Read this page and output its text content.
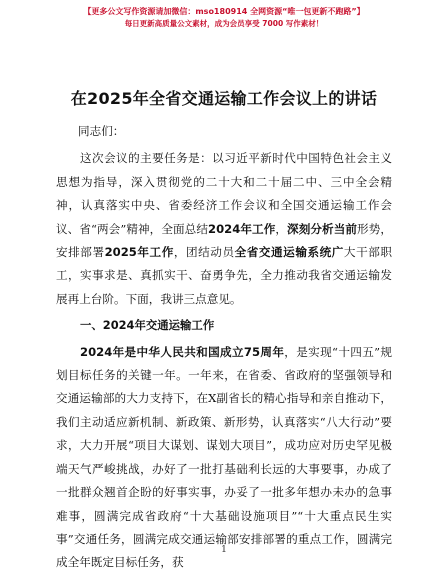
【更多公文写作资源请加微信：mso180914 全网资源“唯一包更新不跑路”】
每日更新高质量公文素材，成为会员享受 7000 写作素材！
在2025年全省交通运输工作会议上的讲话

同志们：

这次会议的主要任务是：以习近平新时代中国特色社会主义思想为指导，深入贯彻党的二十大和二十届二中、三中全会精神，认真落实中央、省委经济工作会议和全国交通运输工作会议、省“两会”精神，全面总结2024年工作，深刻分析当前形势，安排部署2025年工作，团结动员全省交通运输系统广大干部职工，实事求是、真抓实干、奋勇争先，全力推动我省交通运输发展再上台阶。下面，我讲三点意见。

一、2024年交通运输工作

2024年是中华人民共和国成立75周年，是实现“十四五”规划目标任务的关键一年。一年来，在省委、省政府的坚强领导和交通运输部的大力支持下，在X副省长的精心指导和亲自推动下，我们主动适应新机制、新政策、新形势，认真落实“八大行动”要求，大力开展“项目大谋划、谋划大项目”，成功应对历史罕见极端天气严峻挑战，办好了一批打基础利长远的大事要事，办成了一批群众翘首企盼的好事实事，办妥了一批多年想办未办的急事难事，圆满完成省政府“十大基础设施项目”“十大重点民生实事”交通任务，圆满完成交通运输部安排部署的重点工作，圆满完成全年既定目标任务，获

1
